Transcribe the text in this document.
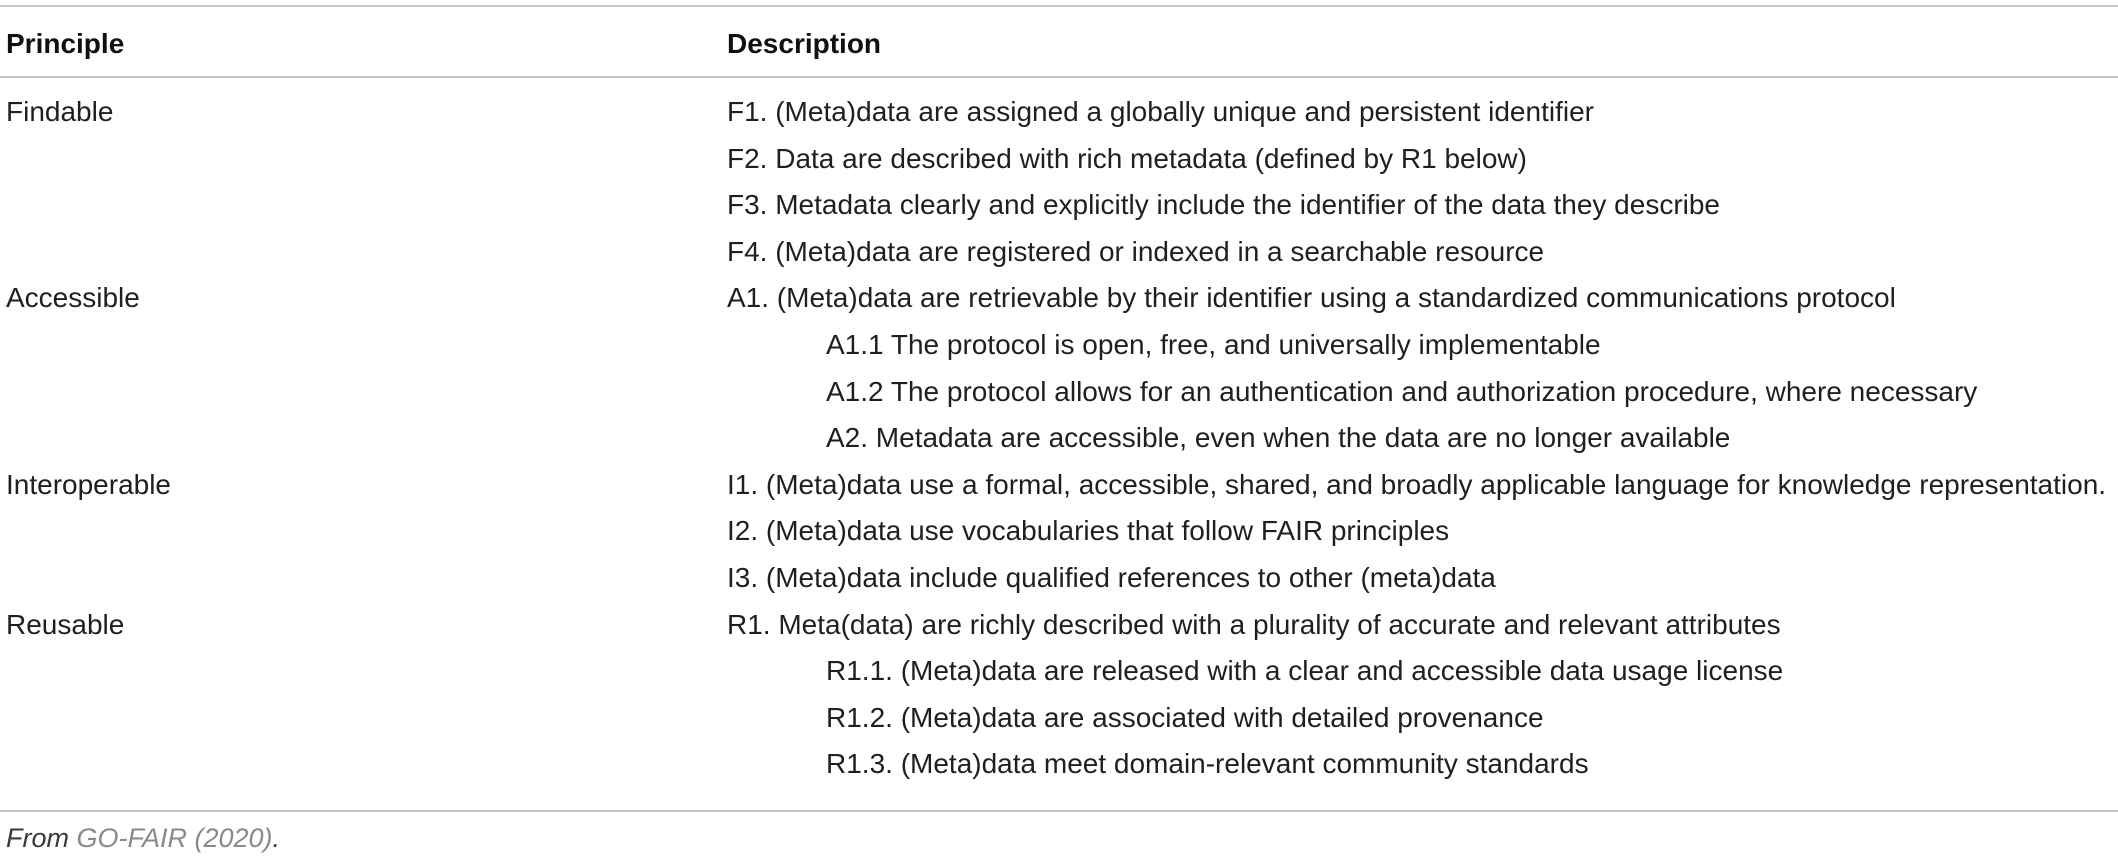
Principle	Description
Findable	F1. (Meta)data are assigned a globally unique and persistent identifier
F2. Data are described with rich metadata (defined by R1 below)
F3. Metadata clearly and explicitly include the identifier of the data they describe
F4. (Meta)data are registered or indexed in a searchable resource
Accessible	A1. (Meta)data are retrievable by their identifier using a standardized communications protocol
A1.1 The protocol is open, free, and universally implementable
A1.2 The protocol allows for an authentication and authorization procedure, where necessary
A2. Metadata are accessible, even when the data are no longer available
Interoperable	I1. (Meta)data use a formal, accessible, shared, and broadly applicable language for knowledge representation.
I2. (Meta)data use vocabularies that follow FAIR principles
I3. (Meta)data include qualified references to other (meta)data
Reusable	R1. Meta(data) are richly described with a plurality of accurate and relevant attributes
R1.1. (Meta)data are released with a clear and accessible data usage license
R1.2. (Meta)data are associated with detailed provenance
R1.3. (Meta)data meet domain-relevant community standards
From GO-FAIR (2020).
